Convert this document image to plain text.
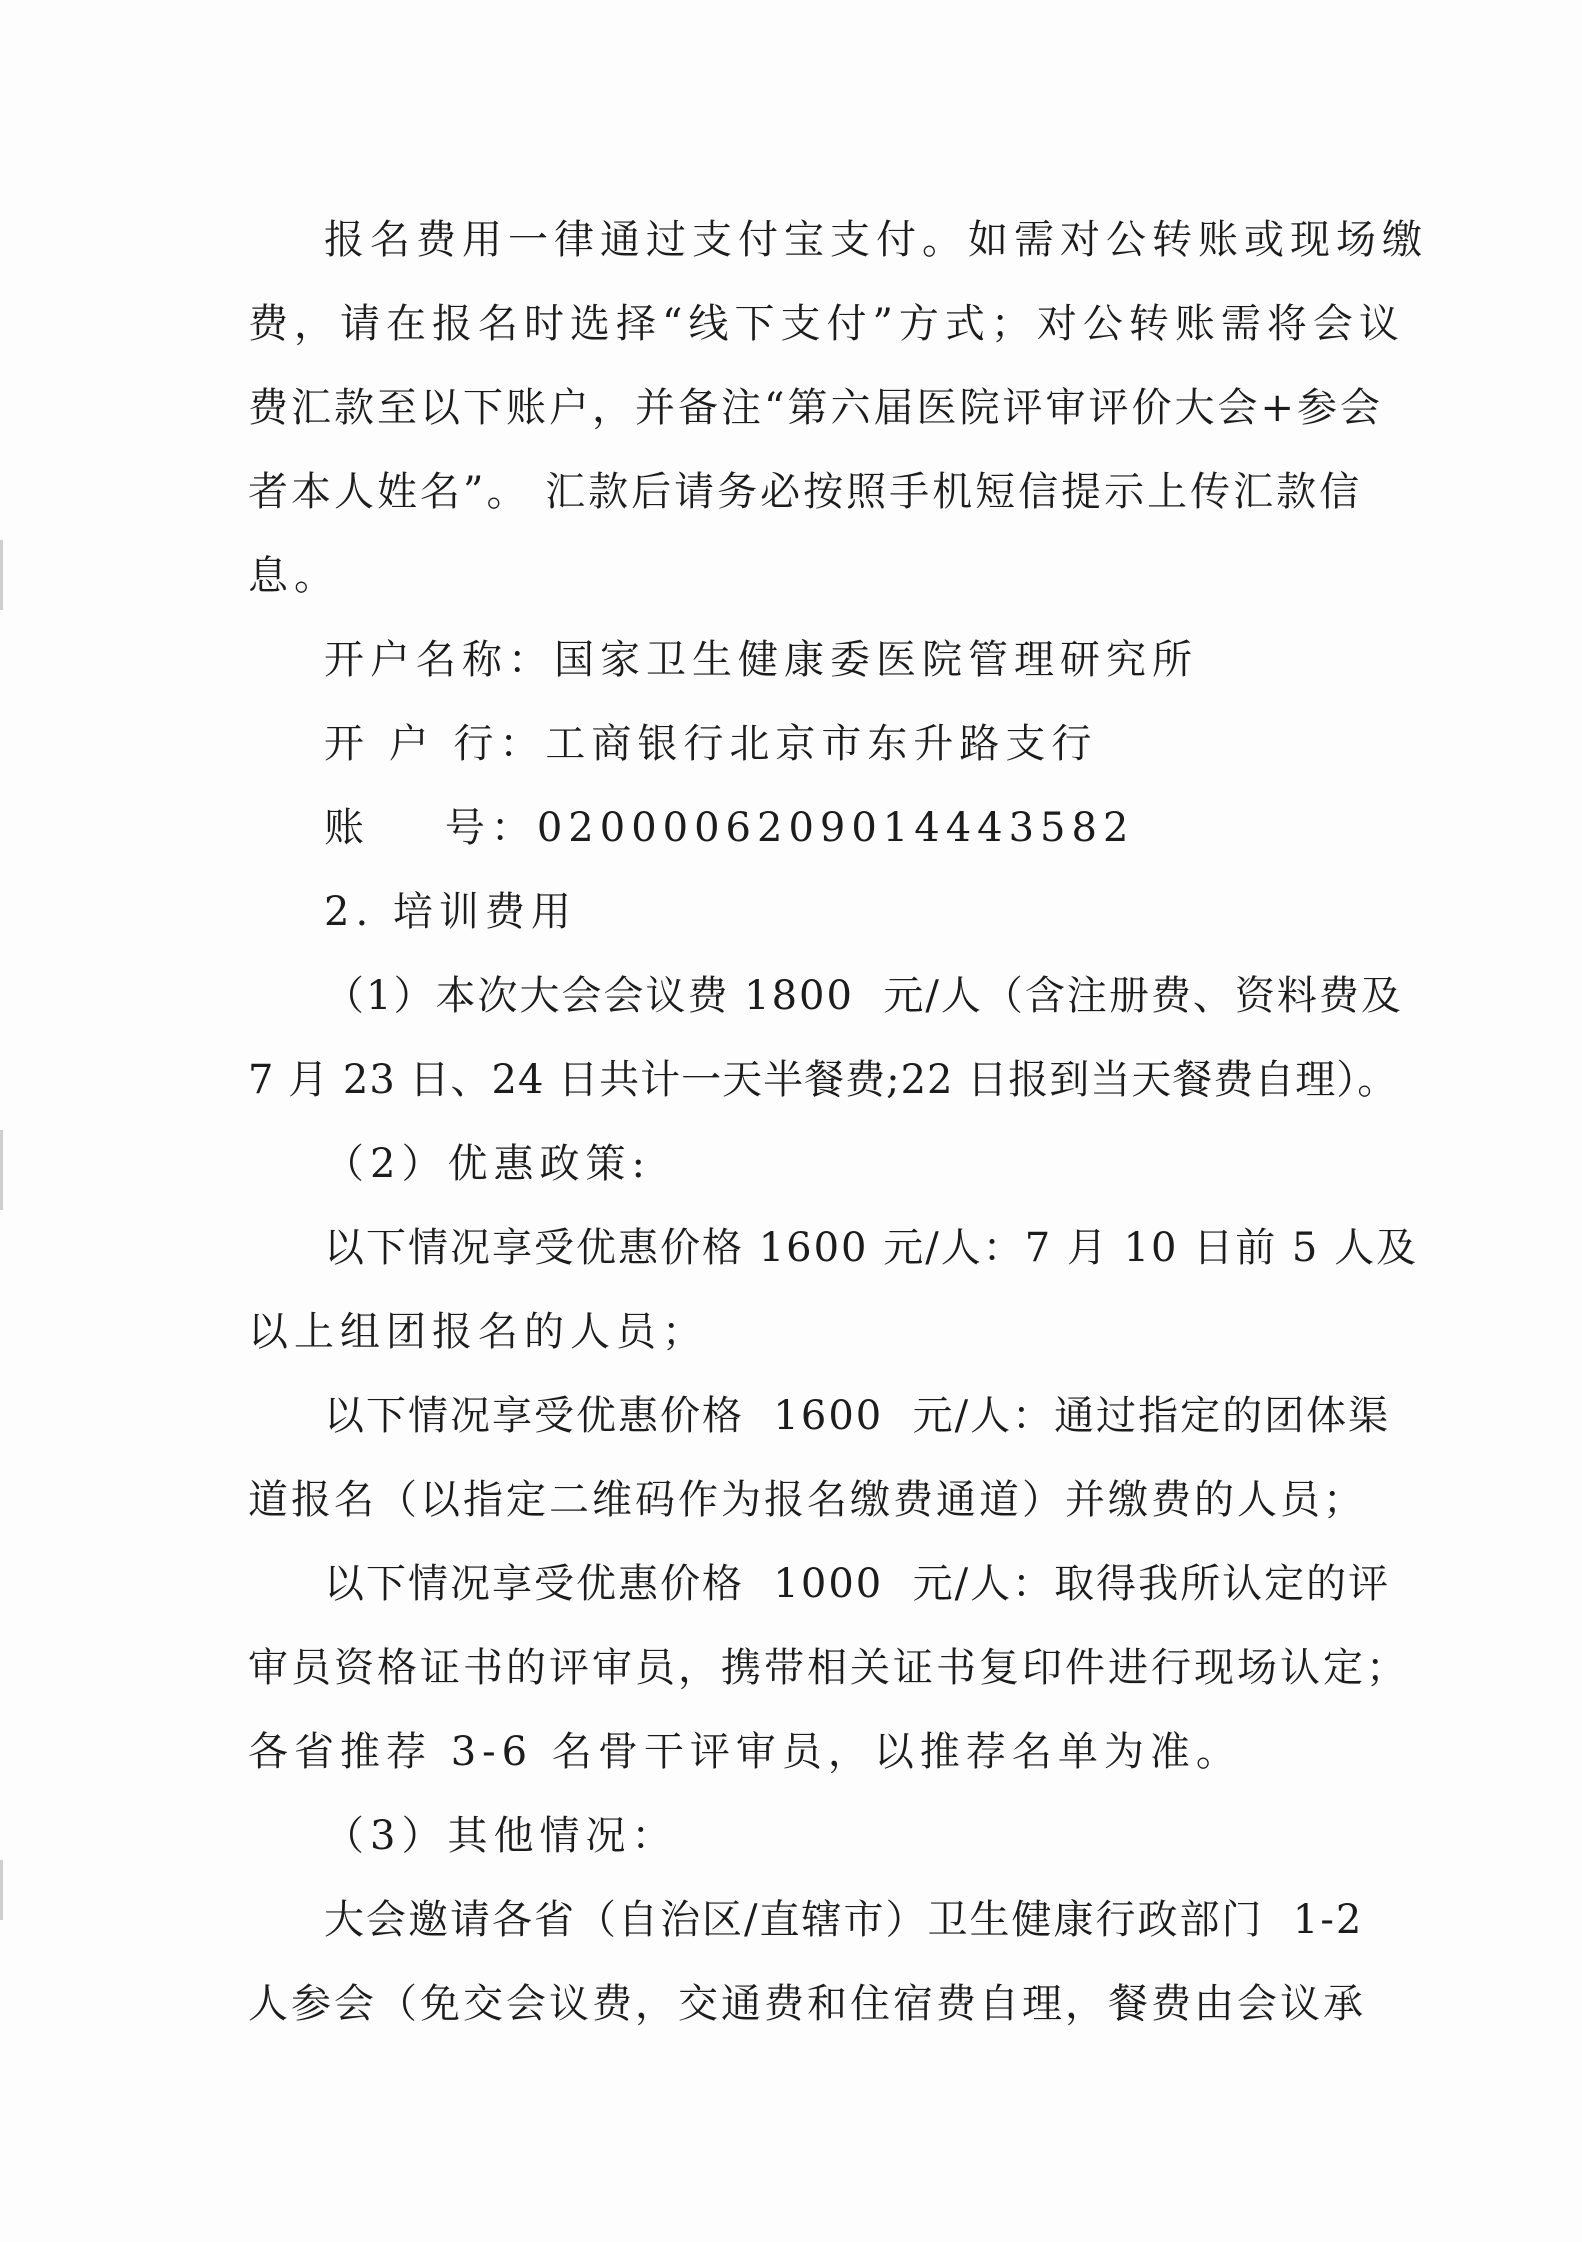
报名费用一律通过支付宝支付。如需对公转账或现场缴
费，请在报名时选择“线下支付”方式；对公转账需将会议
费汇款至以下账户，并备注“第六届医院评审评价大会+参会
者本人姓名”。 汇款后请务必按照手机短信提示上传汇款信
息。
开户名称：国家卫生健康委医院管理研究所
开 户 行：工商银行北京市东升路支行
账    号：0200006209014443582
2. 培训费用
（1）本次大会会议费 1800  元/人（含注册费、资料费及
7 月 23 日、24 日共计一天半餐费;22 日报到当天餐费自理）。
（2）优惠政策:
以下情况享受优惠价格 1600 元/人：7 月 10 日前 5 人及
以上组团报名的人员；
以下情况享受优惠价格  1600  元/人：通过指定的团体渠
道报名（以指定二维码作为报名缴费通道）并缴费的人员；
以下情况享受优惠价格  1000  元/人：取得我所认定的评
审员资格证书的评审员，携带相关证书复印件进行现场认定；
各省推荐 3-6 名骨干评审员，以推荐名单为准。
（3）其他情况：
大会邀请各省（自治区/直辖市）卫生健康行政部门  1-2
人参会（免交会议费，交通费和住宿费自理，餐费由会议承
